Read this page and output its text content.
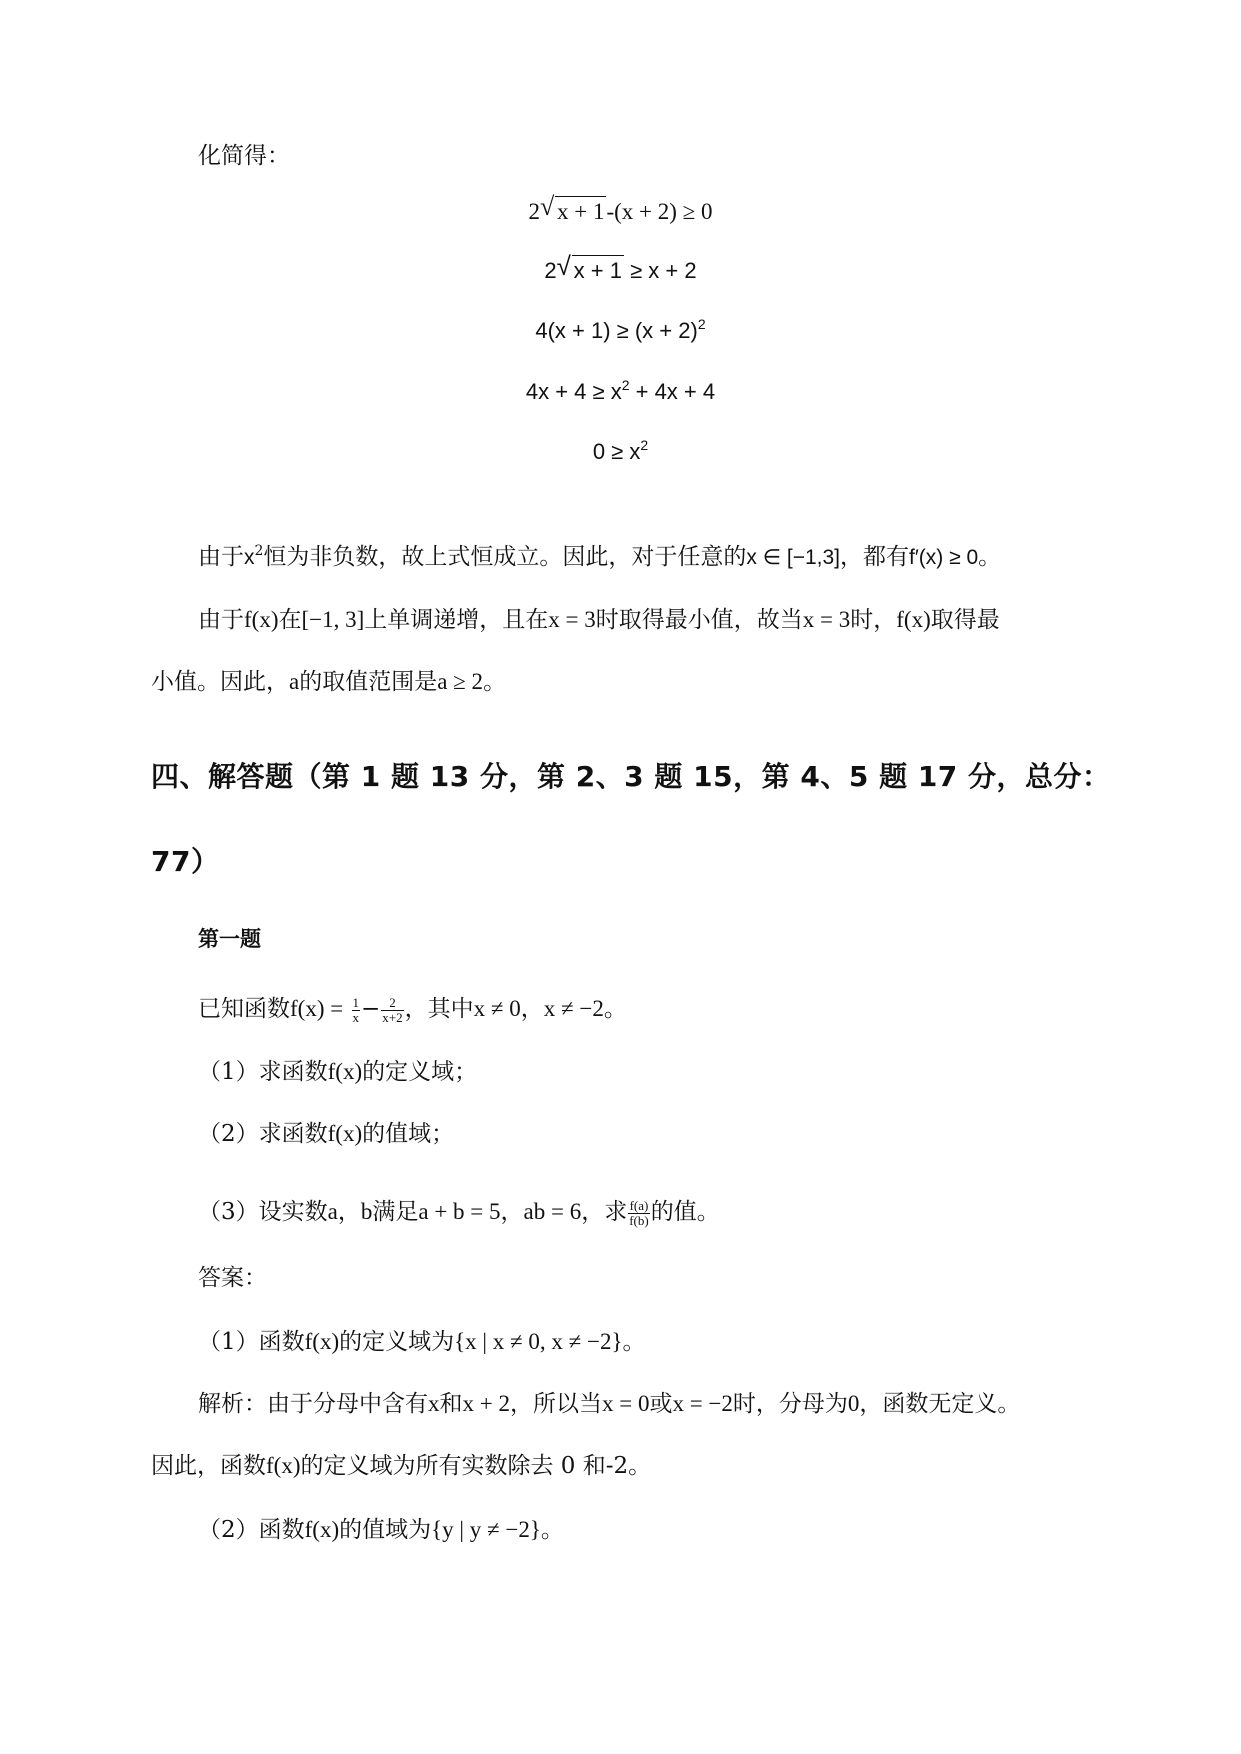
化简得：
2 √ x + 1-(x + 2) ≥ 0
2 √ x + 1 ≥ x + 2
$4(x + 1) \ge (x + 2)^2$
$4x + 4 \ge x^2 + 4x + 4$
$0 \ge x^2$
由于$x^2$恒为非负数，故上式恒成立。因此，对于任意的x ∈ [−1,3]，都有f′(x) ≥ 0。
由于f(x)在[−1, 3]上单调递增，且在x = 3时取得最小值，故当x = 3时，f(x)取得最
小值。因此，a的取值范围是a ≥ 2。
四、解答题（第 1 题 13 分，第 2、3 题 15，第 4、5 题 17 分，总分：
77）
第一题
已知函数$f(x) = \frac{1}{x} - \frac{2}{x+2}$ ，其中x ≠ 0，x ≠ −2。
（1）求函数f(x)的定义域；
（2）求函数f(x)的值域；
（3）设实数a，b满足a + b = 5，ab = 6，求 $\frac{f(a)}{f(b)}$ 的值。
答案：
（1）函数f(x)的定义域为{x | x ≠ 0, x ≠ −2}。
解析：由于分母中含有x和x + 2，所以当x = 0或x = −2时，分母为0，函数无定义。
因此，函数f(x)的定义域为所有实数除去 0 和-2。
（2）函数f(x)的值域为{y | y ≠ −2}。
